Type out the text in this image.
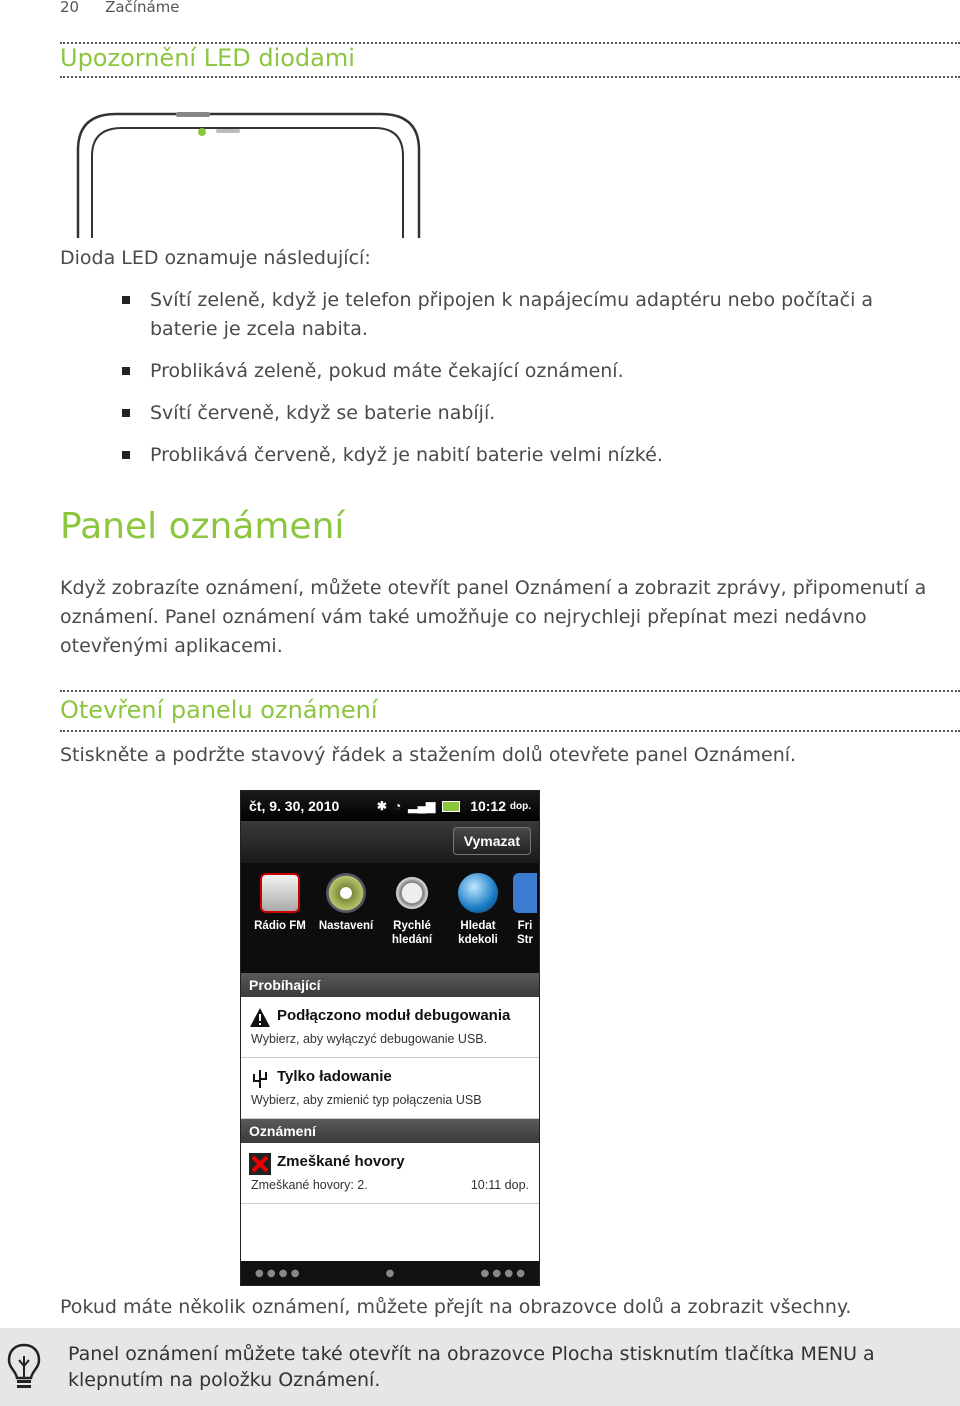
20 Začínáme
Upozornění LED diodami
Dioda LED oznamuje následující:
Svítí zeleně, když je telefon připojen k napájecímu adaptéru nebo počítači a baterie je zcela nabita.
Problikává zeleně, pokud máte čekající oznámení.
Svítí červeně, když se baterie nabíjí.
Problikává červeně, když je nabití baterie velmi nízké.
Panel oznámení
Když zobrazíte oznámení, můžete otevřít panel Oznámení a zobrazit zprávy, připomenutí a oznámení. Panel oznámení vám také umožňuje co nejrychleji přepínat mezi nedávno otevřenými aplikacemi.
Otevření panelu oznámení
Stiskněte a podržte stavový řádek a stažením dolů otevřete panel Oznámení.
čt, 9. 30, 2010	✱ ◔ ▂▄▆	10:12
dop.
Vymazat
Rádio FM	Nastavení	Rychlé hledání
Hledat kdekoli
Fri Str
Probíhající
Podłączono moduł debugowania
Wybierz, aby wyłączyć debugowanie USB.
Tylko ładowanie
Wybierz, aby zmienić typ połączenia USB
Oznámení
Zmeškané hovory
Zmeškané hovory: 2.	10:11 dop.
● ● ● ●	●	● ● ● ●
Pokud máte několik oznámení, můžete přejít na obrazovce dolů a zobrazit všechny.
Panel oznámení můžete také otevřít na obrazovce Plocha stisknutím tlačítka MENU a klepnutím na položku Oznámení.
